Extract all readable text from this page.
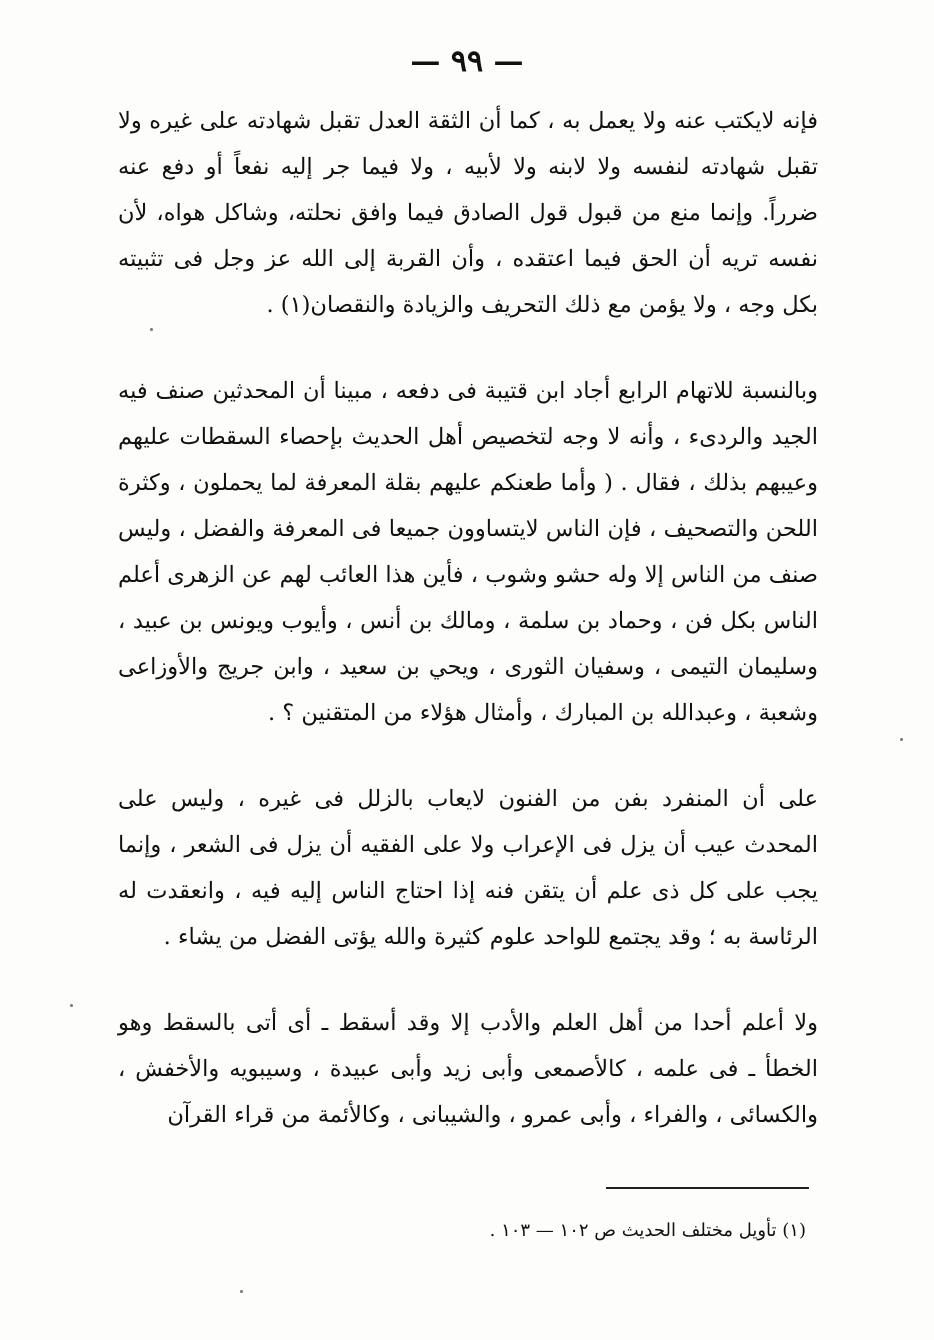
— ٩٩ —

فإنه لايكتب عنه ولا يعمل به ، كما أن الثقة العدل تقبل شهادته على غيره ولا تقبل شهادته لنفسه ولا لابنه ولا لأبيه ، ولا فيما جر إليه نفعاً أو دفع عنه ضرراً. وإنما منع من قبول قول الصادق فيما وافق نحلته، وشاكل هواه، لأن نفسه تريه أن الحق فيما اعتقده ، وأن القربة إلى الله عز وجل فى تثبيته بكل وجه ، ولا يؤمن مع ذلك التحريف والزيادة والنقصان(١) .

وبالنسبة للاتهام الرابع أجاد ابن قتيبة فى دفعه ، مبينا أن المحدثين صنف فيه الجيد والردىء ، وأنه لا وجه لتخصيص أهل الحديث بإحصاء السقطات عليهم وعيبهم بذلك ، فقال . ( وأما طعنكم عليهم بقلة المعرفة لما يحملون ، وكثرة اللحن والتصحيف ، فإن الناس لايتساوون جميعا فى المعرفة والفضل ، وليس صنف من الناس إلا وله حشو وشوب ، فأين هذا العائب لهم عن الزهرى أعلم الناس بكل فن ، وحماد بن سلمة ، ومالك بن أنس ، وأيوب ويونس بن عبيد ، وسليمان التيمى ، وسفيان الثورى ، ويحي بن سعيد ، وابن جريج والأوزاعى وشعبة ، وعبدالله بن المبارك ، وأمثال هؤلاء من المتقنين ؟ .

على أن المنفرد بفن من الفنون لايعاب بالزلل فى غيره ، وليس على المحدث عيب أن يزل فى الإعراب ولا على الفقيه أن يزل فى الشعر ، وإنما يجب على كل ذى علم أن يتقن فنه إذا احتاج الناس إليه فيه ، وانعقدت له الرئاسة به ؛ وقد يجتمع للواحد علوم كثيرة والله يؤتى الفضل من يشاء .

ولا أعلم أحدا من أهل العلم والأدب إلا وقد أسقط ـ أى أتى بالسقط وهو الخطأ ـ فى علمه ، كالأصمعى وأبى زيد وأبى عبيدة ، وسيبويه والأخفش ، والكسائى ، والفراء ، وأبى عمرو ، والشيبانى ، وكالأئمة من قراء القرآن

(١) تأويل مختلف الحديث ص ١٠٢ — ١٠٣ .
